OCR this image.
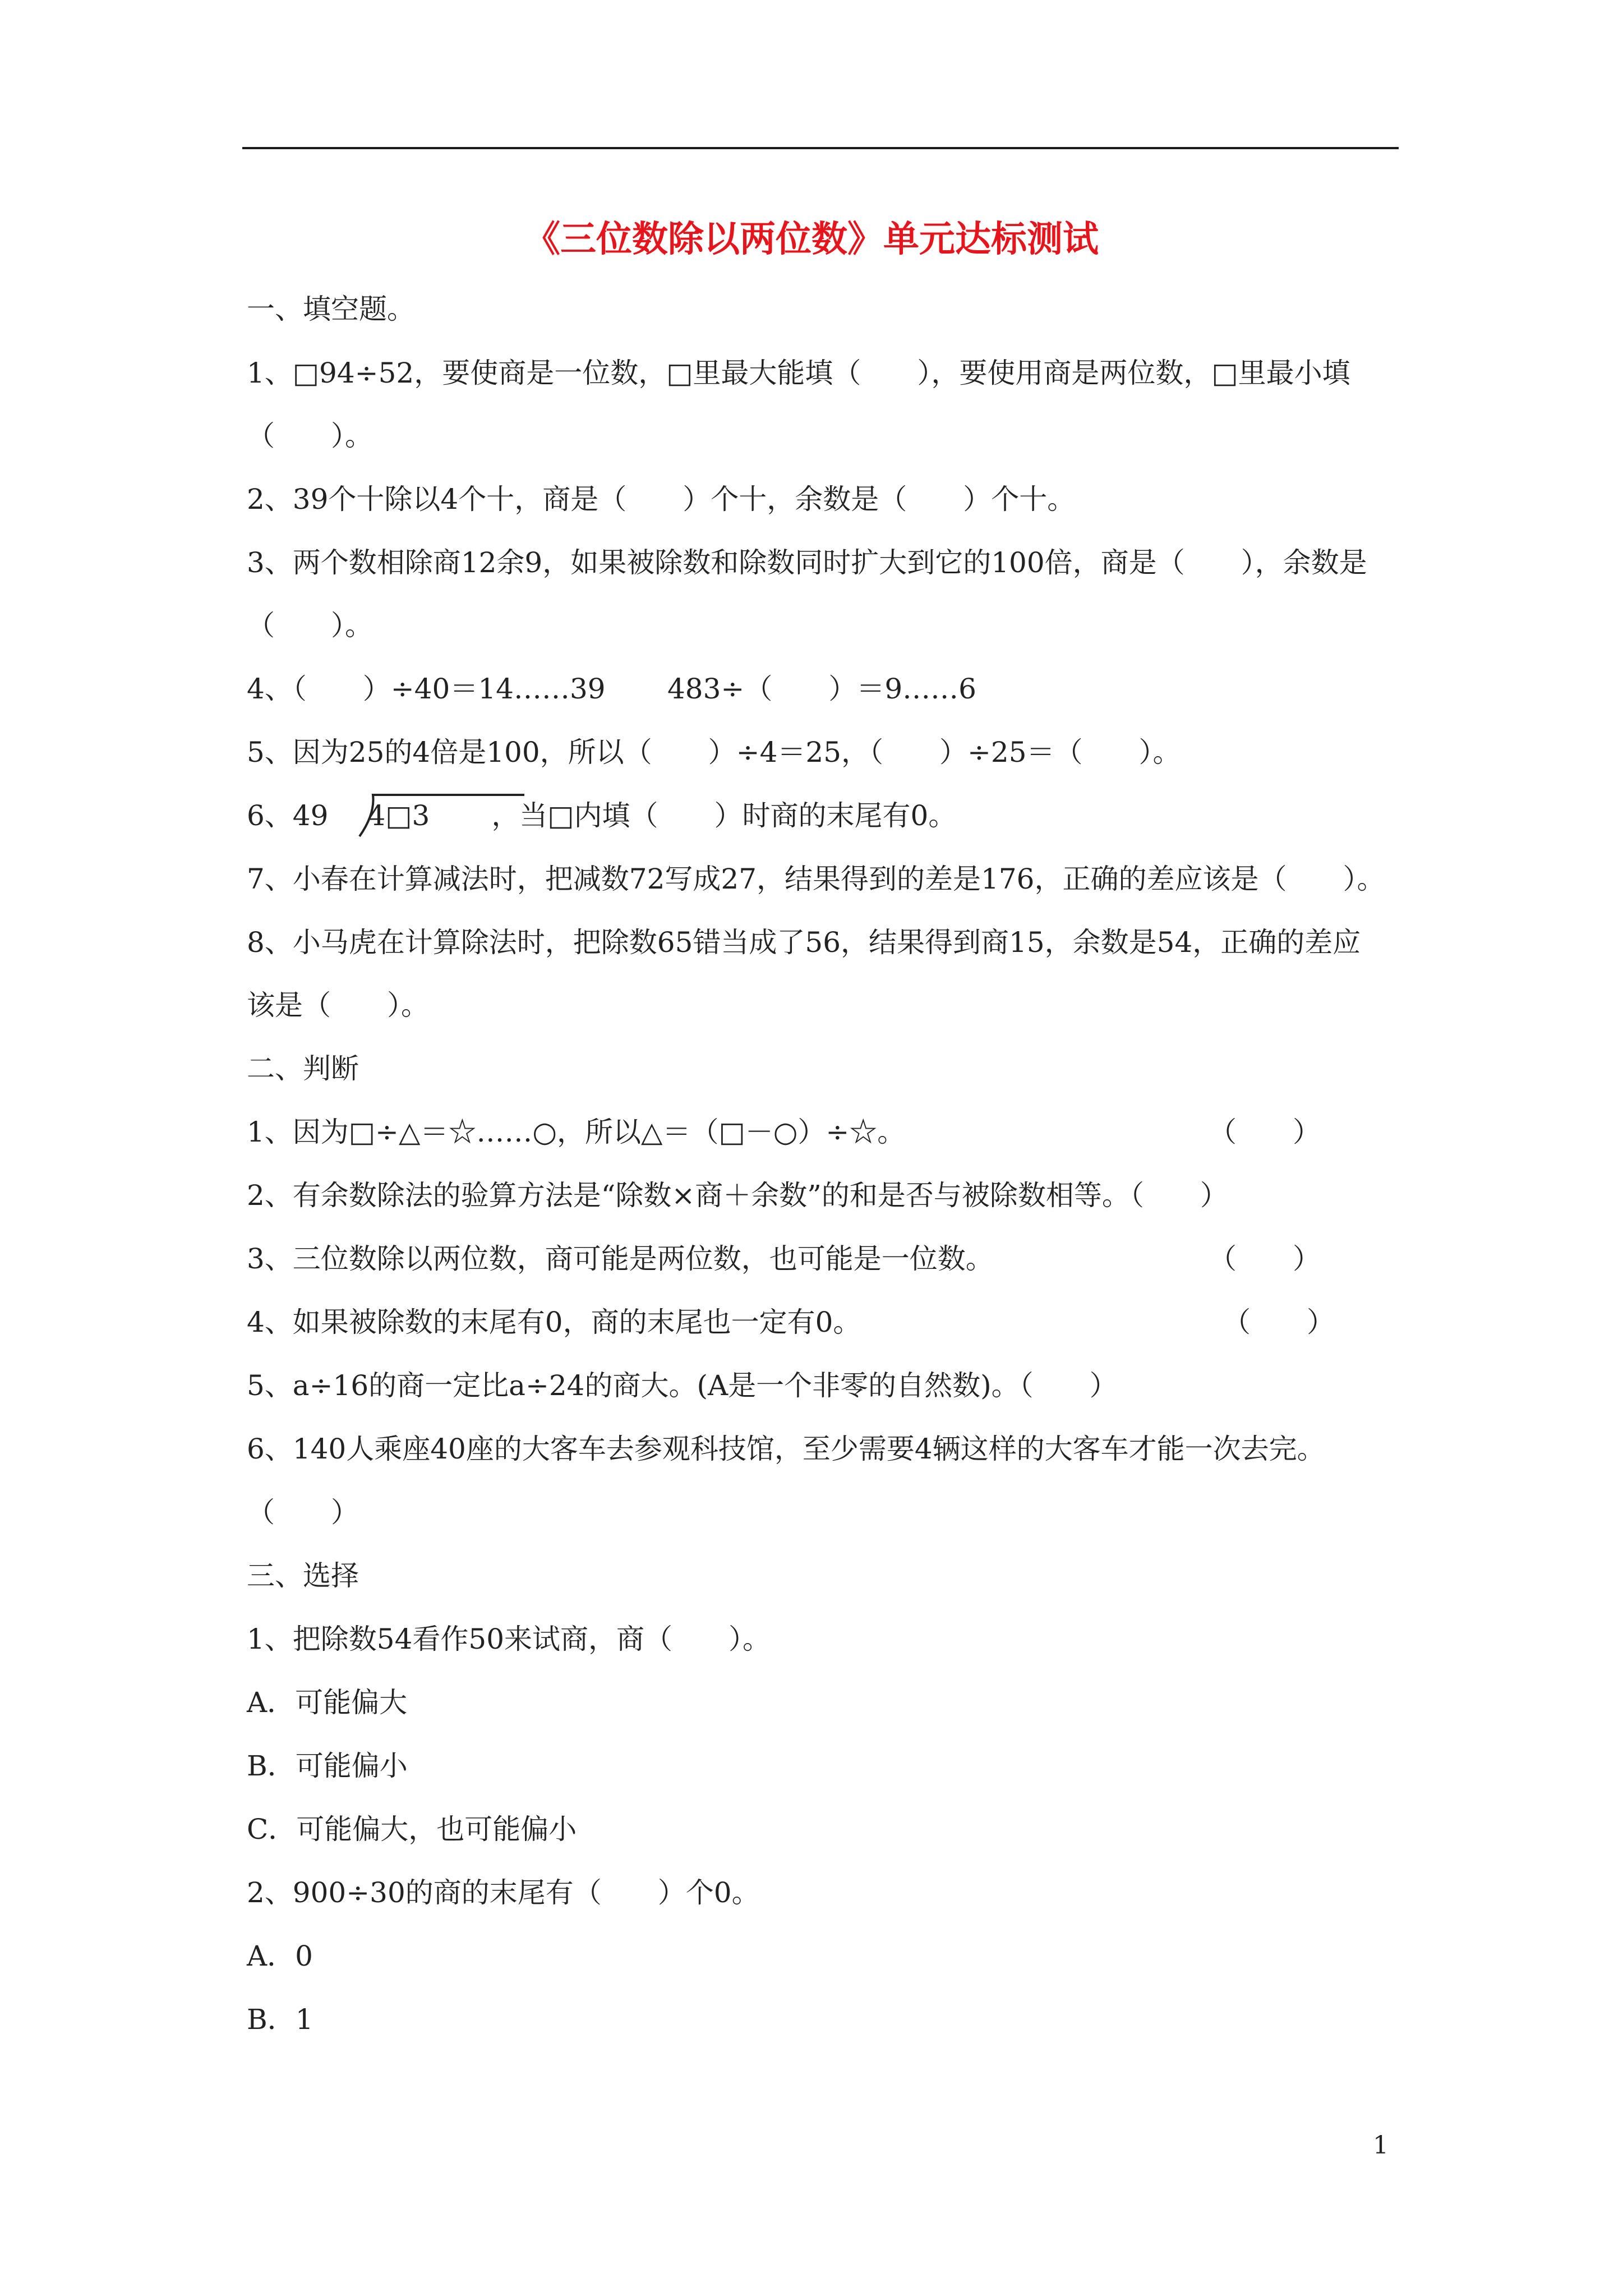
《三位数除以两位数》单元达标测试
一、填空题。
1、□94÷52，要使商是一位数，□里最大能填（　　），要使用商是两位数，□里最小填
（　　）。
2、39个十除以4个十，商是（　　）个十，余数是（　　）个十。
3、两个数相除商12余9，如果被除数和除数同时扩大到它的100倍，商是（　　），余数是
（　　）。
4、（　　）÷40＝14……39 483÷（　　）＝9……6
5、因为25的4倍是100，所以（　　）÷4＝25，（　　）÷25＝（　　）。
6、49 4□3 ，当□内填（　　）时商的末尾有0。
7、小春在计算减法时，把减数72写成27，结果得到的差是176，正确的差应该是（　　）。
8、小马虎在计算除法时，把除数65错当成了56，结果得到商15，余数是54，正确的差应
该是（　　）。
二、判断
1、因为□÷△＝☆……○，所以△＝（□－○）÷☆。	（　　）
2、有余数除法的验算方法是“除数×商＋余数”的和是否与被除数相等。（　　）
3、三位数除以两位数，商可能是两位数，也可能是一位数。	（　　）
4、如果被除数的末尾有0，商的末尾也一定有0。	（　　）
5、a÷16的商一定比a÷24的商大。(A是一个非零的自然数)。（　　）
6、140人乘座40座的大客车去参观科技馆，至少需要4辆这样的大客车才能一次去完。
（　　）
三、选择
1、把除数54看作50来试商，商（　　）。
A．可能偏大
B．可能偏小
C．可能偏大，也可能偏小
2、900÷30的商的末尾有（　　）个0。
A．0
B．1
1
